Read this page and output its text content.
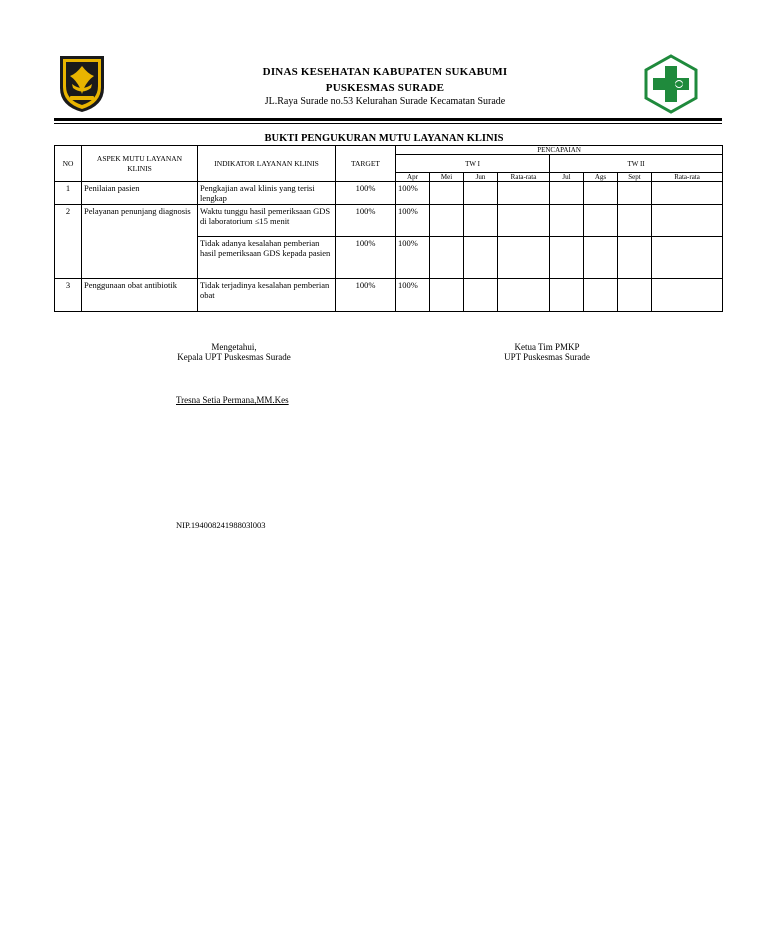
DINAS KESEHATAN KABUPATEN SUKABUMI
PUSKESMAS SURADE
JL.Raya Surade no.53 Kelurahan Surade Kecamatan Surade
BUKTI PENGUKURAN MUTU LAYANAN KLINIS
NO	ASPEK MUTU LAYANAN KLINIS	INDIKATOR LAYANAN KLINIS	TARGET	PENCAPAIAN							
				TW I				TW II			
				Apr	Mei	Jun	Rata-rata	Jul	Ags	Sept	Rata-rata
1	Penilaian pasien	Pengkajian awal klinis yang terisi lengkap	100%	100%							
2	Pelayanan penunjang diagnosis	Waktu tunggu hasil pemeriksaan GDS di laboratorium ≤15 menit	100%	100%							
		Tidak adanya kesalahan pemberian hasil pemeriksaan GDS kepada pasien	100%	100%							
3	Penggunaan obat antibiotik	Tidak terjadinya kesalahan pemberian obat	100%	100%							
Mengetahui,
Kepala UPT Puskesmas Surade
Ketua Tim PMKP
UPT Puskesmas Surade
Tresna Setia Permana,MM.Kes
NIP.19400824198803l003
